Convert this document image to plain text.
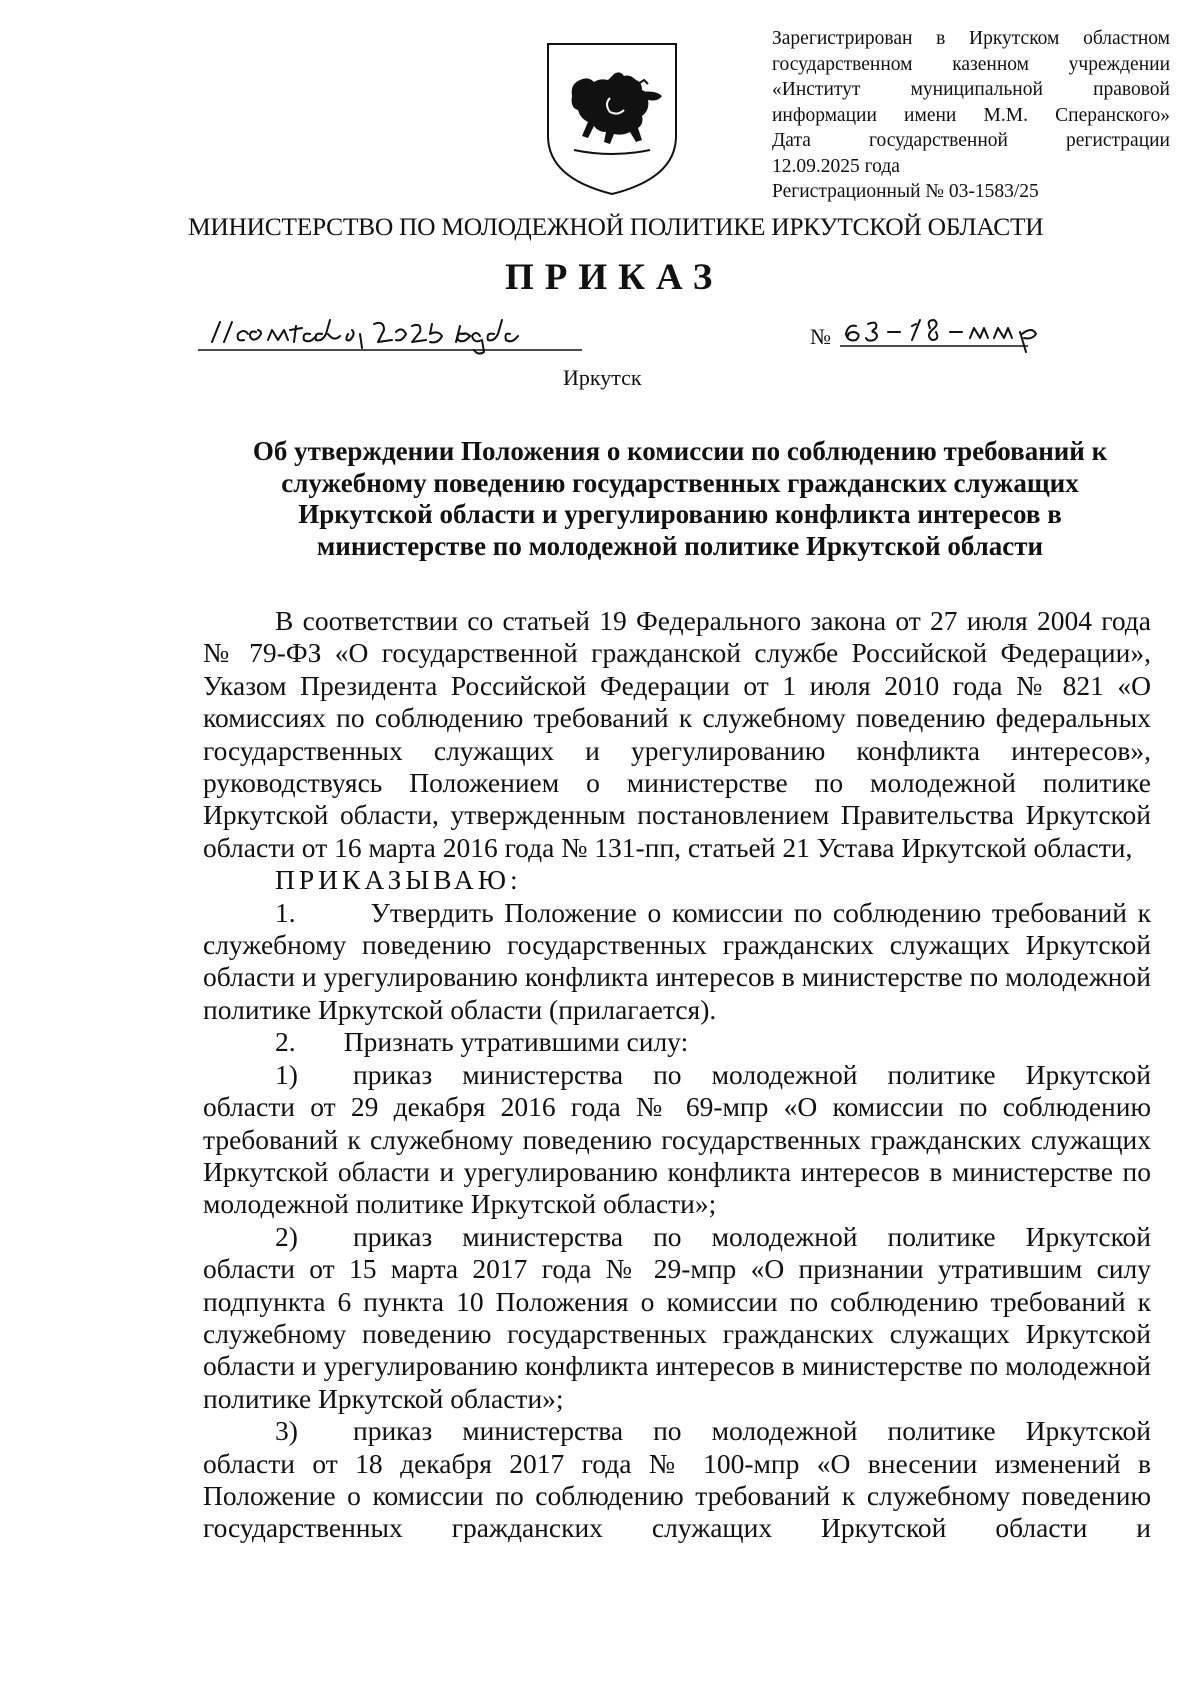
Зарегистрирован в Иркутском областном
государственном казенном учреждении
«Институт муниципальной правовой
информации имени М.М. Сперанского»
Дата государственной регистрации
12.09.2025 года
Регистрационный № 03-1583/25
МИНИСТЕРСТВО ПО МОЛОДЕЖНОЙ ПОЛИТИКЕ ИРКУТСКОЙ ОБЛАСТИ
ПРИКАЗ
11 сентября 2025 года
№
63-18-мпр
Иркутск
Об утверждении Положения о комиссии по соблюдению требований к
служебному поведению государственных гражданских служащих
Иркутской области и урегулированию конфликта интересов в
министерстве по молодежной политике Иркутской области

В соответствии со статьей 19 Федерального закона от 27 июля 2004 года № 79-ФЗ «О государственной гражданской службе Российской Федерации», Указом Президента Российской Федерации от 1 июля 2010 года № 821 «О комиссиях по соблюдению требований к служебному поведению федеральных государственных служащих и урегулированию конфликта интересов», руководствуясь Положением о министерстве по молодежной политике Иркутской области, утвержденным постановлением Правительства Иркутской области от 16 марта 2016 года № 131-пп, статьей 21 Устава Иркутской области,

ПРИКАЗЫВАЮ:

1.	Утвердить Положение о комиссии по соблюдению требований к служебному поведению государственных гражданских служащих Иркутской области и урегулированию конфликта интересов в министерстве по молодежной политике Иркутской области (прилагается).

2. Признать утратившими силу:

1)	приказ министерства по молодежной политике Иркутской

области от 29 декабря 2016 года № 69-мпр «О комиссии по соблюдению требований к служебному поведению государственных гражданских служащих Иркутской области и урегулированию конфликта интересов в министерстве по молодежной политике Иркутской области»;

2)	приказ министерства по молодежной политике Иркутской

области от 15 марта 2017 года № 29-мпр «О признании утратившим силу подпункта 6 пункта 10 Положения о комиссии по соблюдению требований к служебному поведению государственных гражданских служащих Иркутской области и урегулированию конфликта интересов в министерстве по молодежной политике Иркутской области»;

3)	приказ министерства по молодежной политике Иркутской

области от 18 декабря 2017 года № 100-мпр «О внесении изменений в Положение о комиссии по соблюдению требований к служебному поведению государственных гражданских служащих Иркутской области и
